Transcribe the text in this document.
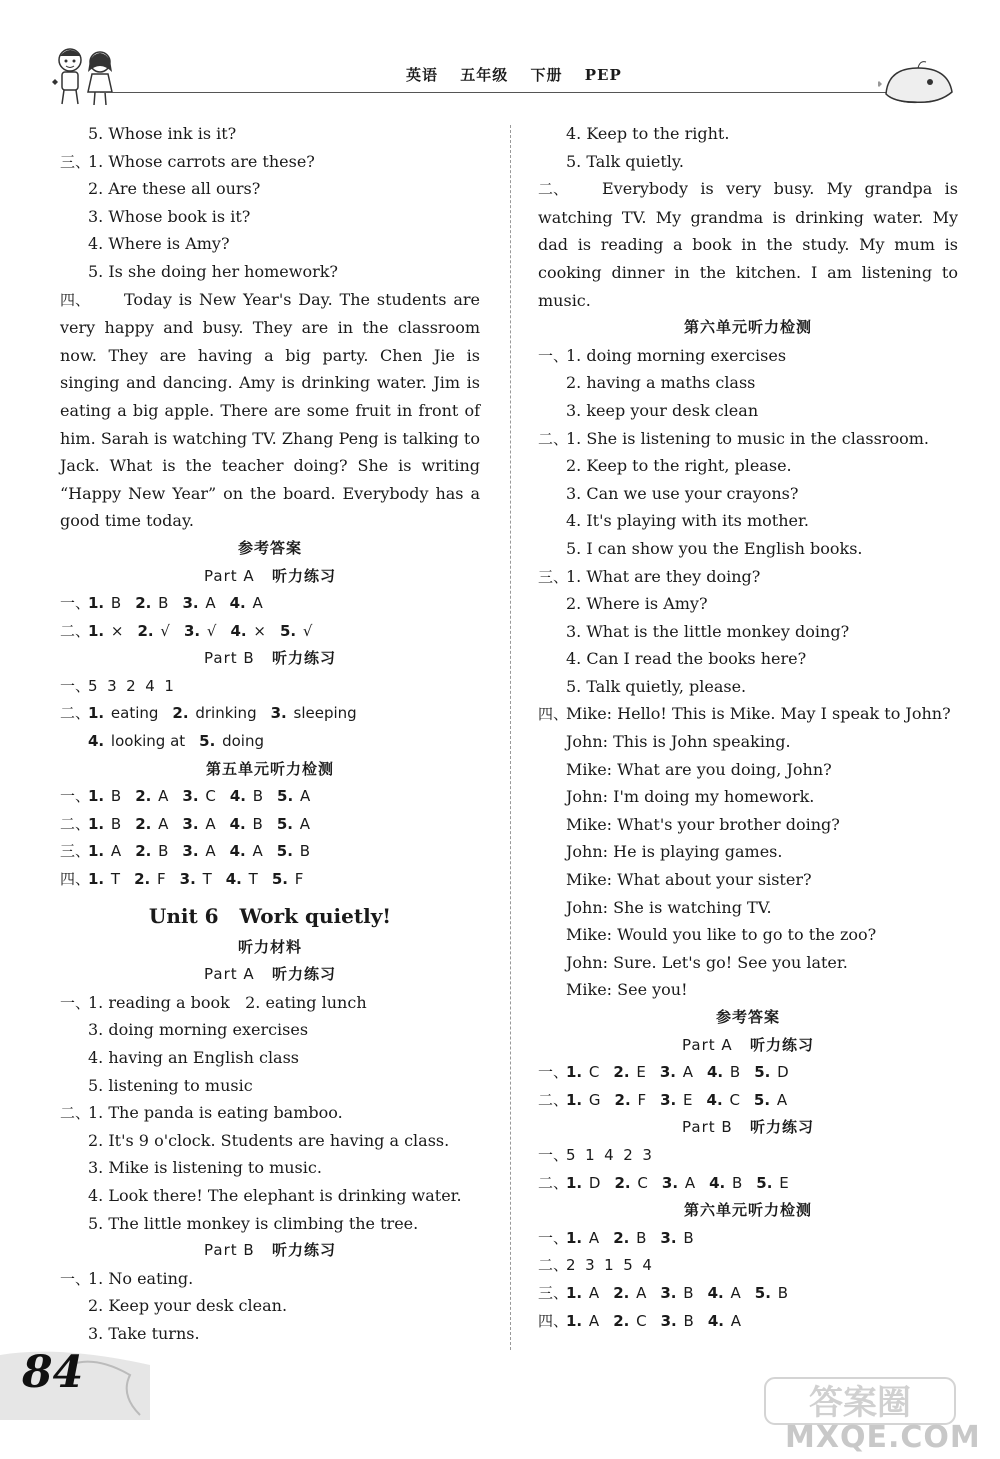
英语 五年级 下册 PEP
5. Whose ink is it?
三、1. Whose carrots are these?
2. Are these all ours?
3. Whose book is it?
4. Where is Amy?
5. Is she doing her homework?
四、 Today is New Year's Day. The students are very happy and busy. They are in the classroom now. They are having a big party. Chen Jie is singing and dancing. Amy is drinking water. Jim is eating a big apple. There are some fruit in front of him. Sarah is watching TV. Zhang Peng is talking to Jack. What is the teacher doing? She is writing “Happy New Year” on the board. Everybody has a good time today.
参考答案
Part A 听力练习
一、1. B 2. B 3. A 4. A
二、1. × 2. √ 3. √ 4. × 5. √
Part B 听力练习
一、5  3  2  4  1
二、1. eating 2. drinking 3. sleeping
4. looking at 5. doing
第五单元听力检测
一、1. B 2. A 3. C 4. B 5. A
二、1. B 2. A 3. A 4. B 5. A
三、1. A 2. B 3. A 4. A 5. B
四、1. T 2. F 3. T 4. T 5. F
Unit 6   Work quietly!
听力材料
Part A 听力练习
一、1. reading a book   2. eating lunch
3. doing morning exercises
4. having an English class
5. listening to music
二、1. The panda is eating bamboo.
2. It's 9 o'clock. Students are having a class.
3. Mike is listening to music.
4. Look there! The elephant is drinking water.
5. The little monkey is climbing the tree.
Part B 听力练习
一、1. No eating.
2. Keep your desk clean.
3. Take turns.
4. Keep to the right.
5. Talk quietly.
二、 Everybody is very busy. My grandpa is watching TV. My grandma is drinking water. My dad is reading a book in the study. My mum is cooking dinner in the kitchen. I am listening to music.
第六单元听力检测
一、1. doing morning exercises
2. having a maths class
3. keep your desk clean
二、1. She is listening to music in the classroom.
2. Keep to the right, please.
3. Can we use your crayons?
4. It's playing with its mother.
5. I can show you the English books.
三、1. What are they doing?
2. Where is Amy?
3. What is the little monkey doing?
4. Can I read the books here?
5. Talk quietly, please.
四、Mike: Hello! This is Mike. May I speak to John?
John: This is John speaking.
Mike: What are you doing, John?
John: I'm doing my homework.
Mike: What's your brother doing?
John: He is playing games.
Mike: What about your sister?
John: She is watching TV.
Mike: Would you like to go to the zoo?
John: Sure. Let's go! See you later.
Mike: See you!
参考答案
Part A 听力练习
一、1. C 2. E 3. A 4. B 5. D
二、1. G 2. F 3. E 4. C 5. A
Part B 听力练习
一、5  1  4  2  3
二、1. D 2. C 3. A 4. B 5. E
第六单元听力检测
一、1. A 2. B 3. B
二、2  3  1  5  4
三、1. A 2. A 3. B 4. A 5. B
四、1. A 2. C 3. B 4. A
84
答案圈
MXQE.COM
